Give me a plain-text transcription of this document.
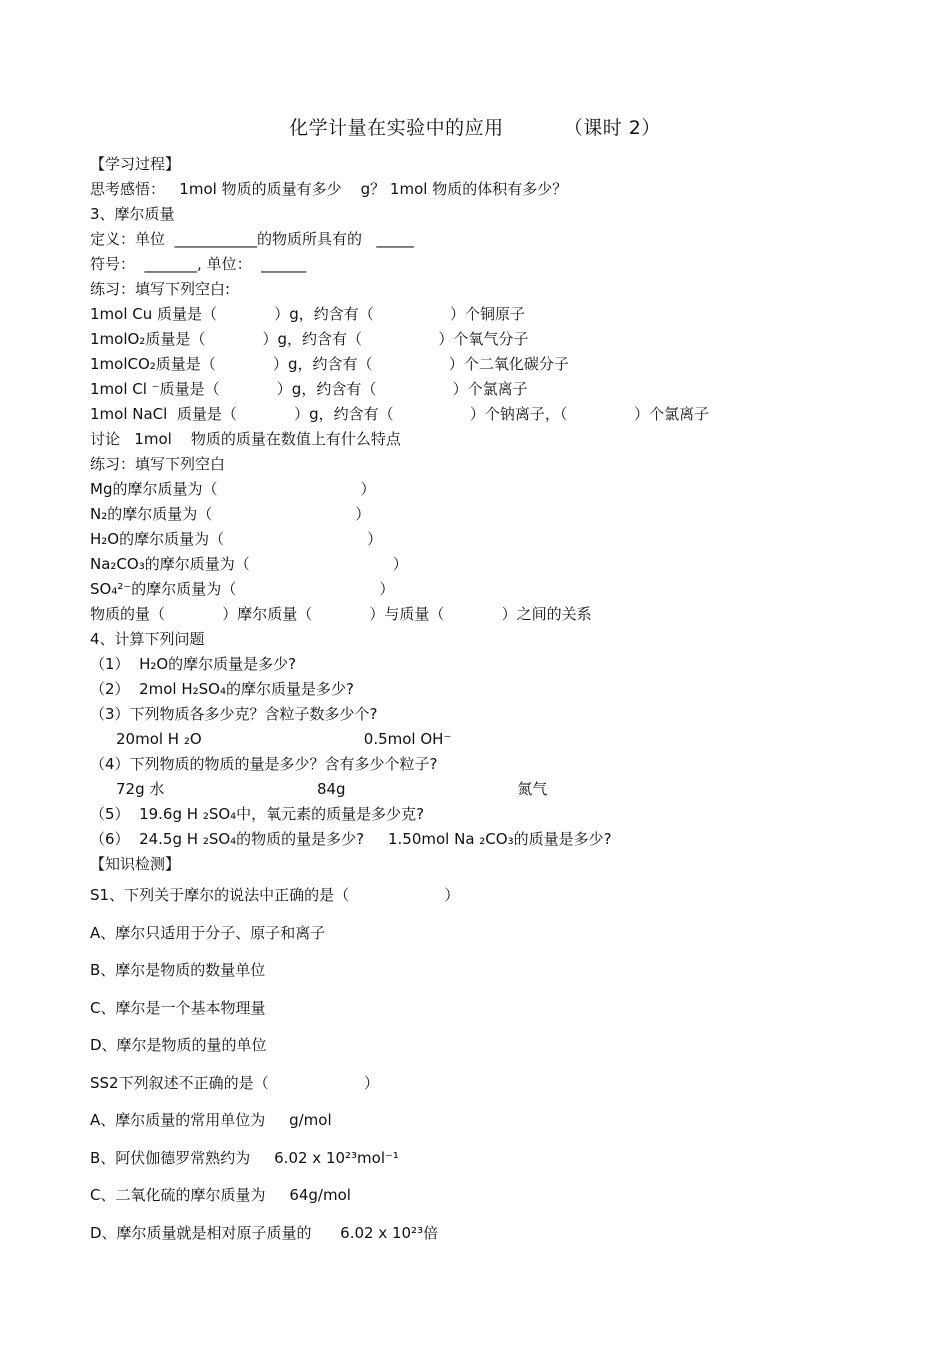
化学计量在实验中的应用	（课时 2）
【学习过程】
思考感悟：   1mol 物质的质量有多少    g？ 1mol 物质的体积有多少？
3、摩尔质量
定义：单位  ___________的物质所具有的   _____
符号：  _______, 单位：  ______
练习：填写下列空白:
1mol Cu 质量是（            ）g，约含有（                ）个铜原子
1molO₂质量是（            ）g，约含有（                ）个氧气分子
1molCO₂质量是（            ）g，约含有（                ）个二氧化碳分子
1mol Cl ⁻质量是（            ）g，约含有（                ）个氯离子
1mol NaCl  质量是（            ）g，约含有（                ）个钠离子，（              ）个氯离子
讨论   1mol    物质的质量在数值上有什么特点
练习：填写下列空白
Mg的摩尔质量为（                              ）
N₂的摩尔质量为（                              ）
H₂O的摩尔质量为（                              ）
Na₂CO₃的摩尔质量为（                              ）
SO₄²⁻的摩尔质量为（                              ）
物质的量（            ）摩尔质量（            ）与质量（            ）之间的关系
4、计算下列问题
（1）  H₂O的摩尔质量是多少?
（2）  2mol H₂SO₄的摩尔质量是多少?
（3）下列物质各多少克？含粒子数多少个?
20mol H ₂O                                  0.5mol OH⁻
（4）下列物质的物质的量是多少？含有多少个粒子?
72g 水                                84g                                    氮气
（5）  19.6g H ₂SO₄中，氧元素的质量是多少克?
（6）  24.5g H ₂SO₄的物质的量是多少?     1.50mol Na ₂CO₃的质量是多少?
【知识检测】
S1、下列关于摩尔的说法中正确的是（                    ）
A、摩尔只适用于分子、原子和离子
B、摩尔是物质的数量单位
C、摩尔是一个基本物理量
D、摩尔是物质的量的单位
SS2下列叙述不正确的是（                    ）
A、摩尔质量的常用单位为     g/mol
B、阿伏伽德罗常熟约为     6.02 x 10²³mol⁻¹
C、二氧化硫的摩尔质量为     64g/mol
D、摩尔质量就是相对原子质量的      6.02 x 10²³倍
